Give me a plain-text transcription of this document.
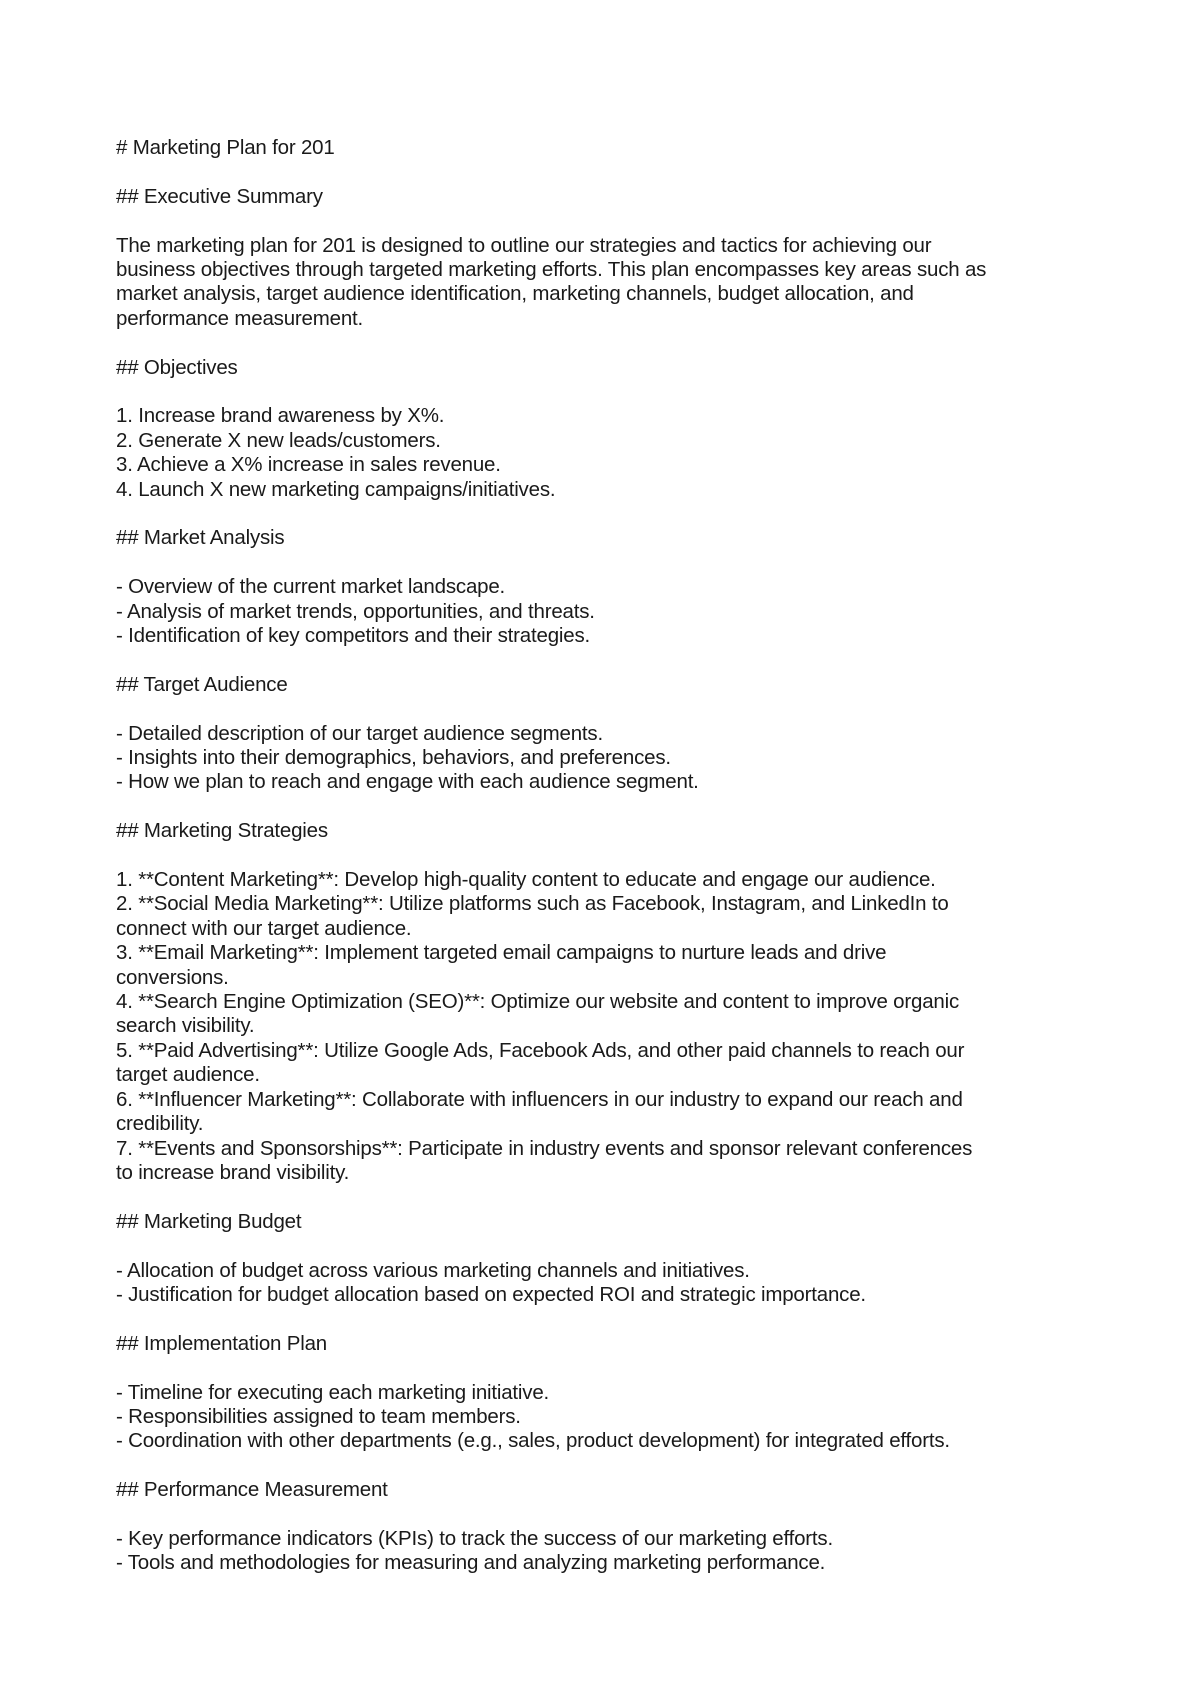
# Marketing Plan for 201

## Executive Summary

The marketing plan for 201 is designed to outline our strategies and tactics for achieving our

business objectives through targeted marketing efforts. This plan encompasses key areas such as

market analysis, target audience identification, marketing channels, budget allocation, and

performance measurement.

## Objectives

1. Increase brand awareness by X%.

2. Generate X new leads/customers.

3. Achieve a X% increase in sales revenue.

4. Launch X new marketing campaigns/initiatives.

## Market Analysis

- Overview of the current market landscape.

- Analysis of market trends, opportunities, and threats.

- Identification of key competitors and their strategies.

## Target Audience

- Detailed description of our target audience segments.

- Insights into their demographics, behaviors, and preferences.

- How we plan to reach and engage with each audience segment.

## Marketing Strategies

1. **Content Marketing**: Develop high-quality content to educate and engage our audience.

2. **Social Media Marketing**: Utilize platforms such as Facebook, Instagram, and LinkedIn to

connect with our target audience.

3. **Email Marketing**: Implement targeted email campaigns to nurture leads and drive

conversions.

4. **Search Engine Optimization (SEO)**: Optimize our website and content to improve organic

search visibility.

5. **Paid Advertising**: Utilize Google Ads, Facebook Ads, and other paid channels to reach our

target audience.

6. **Influencer Marketing**: Collaborate with influencers in our industry to expand our reach and

credibility.

7. **Events and Sponsorships**: Participate in industry events and sponsor relevant conferences

to increase brand visibility.

## Marketing Budget

- Allocation of budget across various marketing channels and initiatives.

- Justification for budget allocation based on expected ROI and strategic importance.

## Implementation Plan

- Timeline for executing each marketing initiative.

- Responsibilities assigned to team members.

- Coordination with other departments (e.g., sales, product development) for integrated efforts.

## Performance Measurement

- Key performance indicators (KPIs) to track the success of our marketing efforts.

- Tools and methodologies for measuring and analyzing marketing performance.
